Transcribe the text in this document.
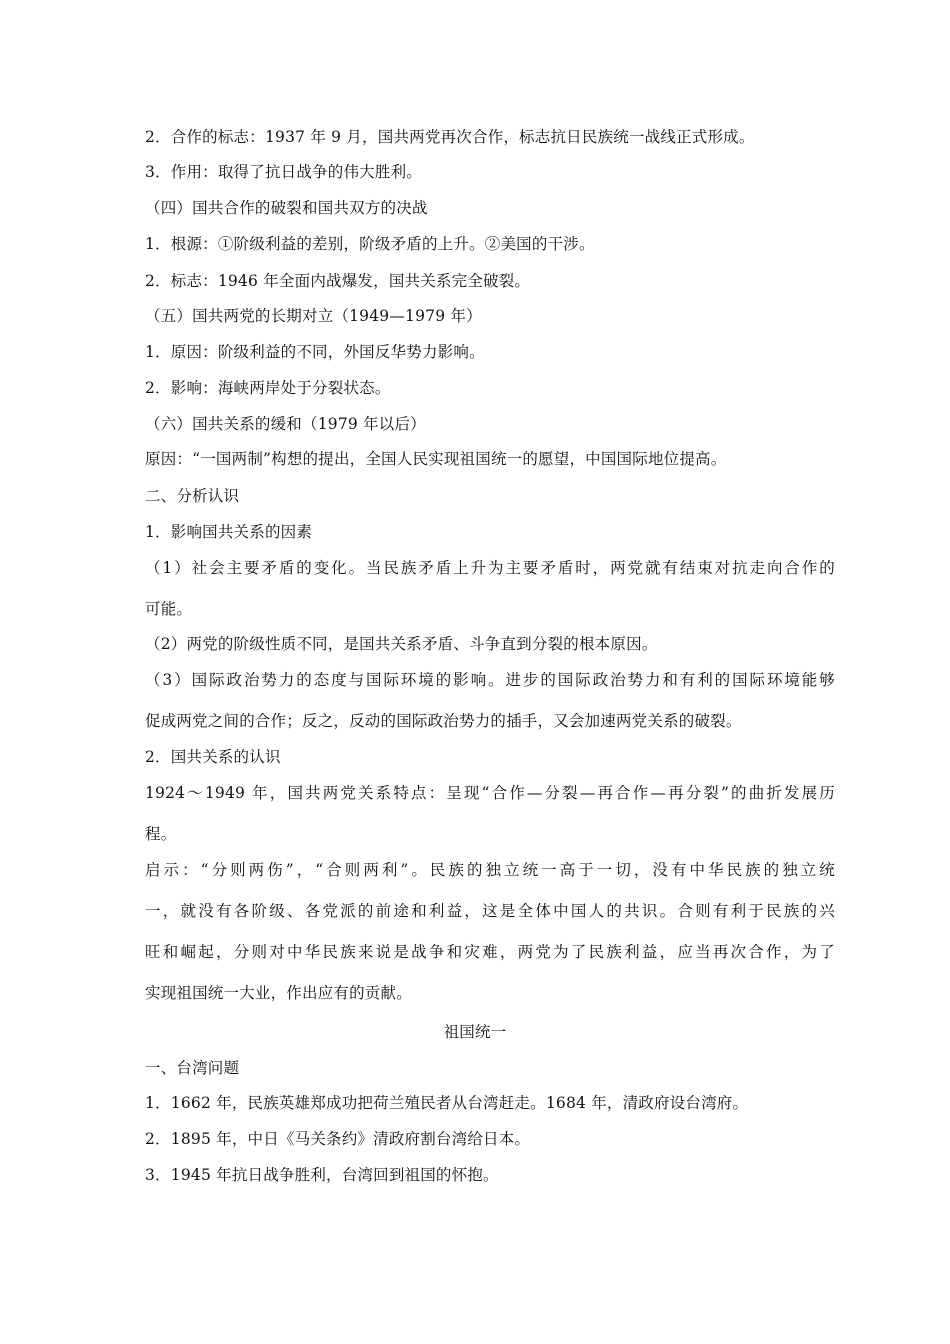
2．合作的标志：1937 年 9 月，国共两党再次合作，标志抗日民族统一战线正式形成。
3．作用：取得了抗日战争的伟大胜利。
（四）国共合作的破裂和国共双方的决战
1．根源：①阶级利益的差别，阶级矛盾的上升。②美国的干涉。
2．标志：1946 年全面内战爆发，国共关系完全破裂。
（五）国共两党的长期对立（1949—1979 年）
1．原因：阶级利益的不同，外国反华势力影响。
2．影响：海峡两岸处于分裂状态。
（六）国共关系的缓和（1979 年以后）
原因：“一国两制”构想的提出，全国人民实现祖国统一的愿望，中国国际地位提高。
二、分析认识
1．影响国共关系的因素
（1）社会主要矛盾的变化。当民族矛盾上升为主要矛盾时，两党就有结束对抗走向合作的
可能。
（2）两党的阶级性质不同，是国共关系矛盾、斗争直到分裂的根本原因。
（3）国际政治势力的态度与国际环境的影响。进步的国际政治势力和有利的国际环境能够
促成两党之间的合作；反之，反动的国际政治势力的插手，又会加速两党关系的破裂。
2．国共关系的认识
1924～1949 年，国共两党关系特点：呈现“合作—分裂—再合作—再分裂”的曲折发展历
程。
启示：“分则两伤”，“合则两利”。民族的独立统一高于一切，没有中华民族的独立统
一，就没有各阶级、各党派的前途和利益，这是全体中国人的共识。合则有利于民族的兴
旺和崛起，分则对中华民族来说是战争和灾难，两党为了民族利益，应当再次合作，为了
实现祖国统一大业，作出应有的贡献。
祖国统一
一、台湾问题
1．1662 年，民族英雄郑成功把荷兰殖民者从台湾赶走。1684 年，清政府设台湾府。
2．1895 年，中日《马关条约》清政府割台湾给日本。
3．1945 年抗日战争胜利，台湾回到祖国的怀抱。
